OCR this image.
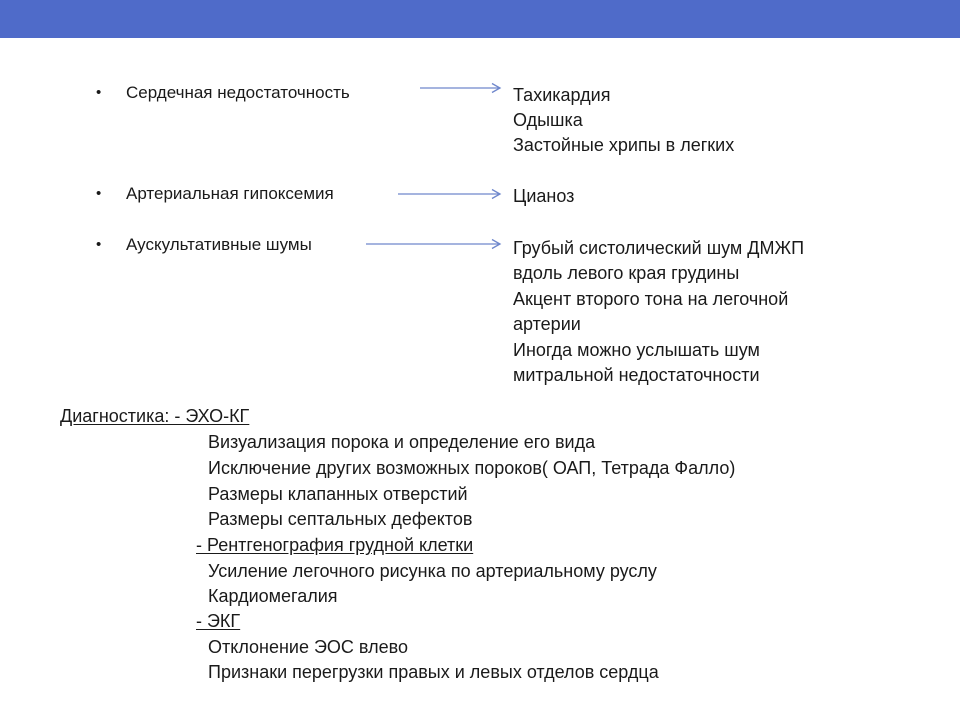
• Сердечная недостаточность
• Артериальная гипоксемия
• Аускультативные шумы
Тахикардия
Одышка
Застойные хрипы в легких
Цианоз
Грубый систолический шум ДМЖП
вдоль левого края грудины
Акцент второго тона на легочной
артерии
Иногда можно услышать шум
митральной недостаточности
Диагностика: - ЭХО-КГ
Визуализация порока и определение его вида
Исключение других возможных пороков( ОАП, Тетрада Фалло)
Размеры клапанных отверстий
Размеры септальных дефектов
- Рентгенография грудной клетки
Усиление легочного рисунка по артериальному руслу
Кардиомегалия
- ЭКГ
Отклонение ЭОС влево
Признаки перегрузки правых и левых отделов сердца
